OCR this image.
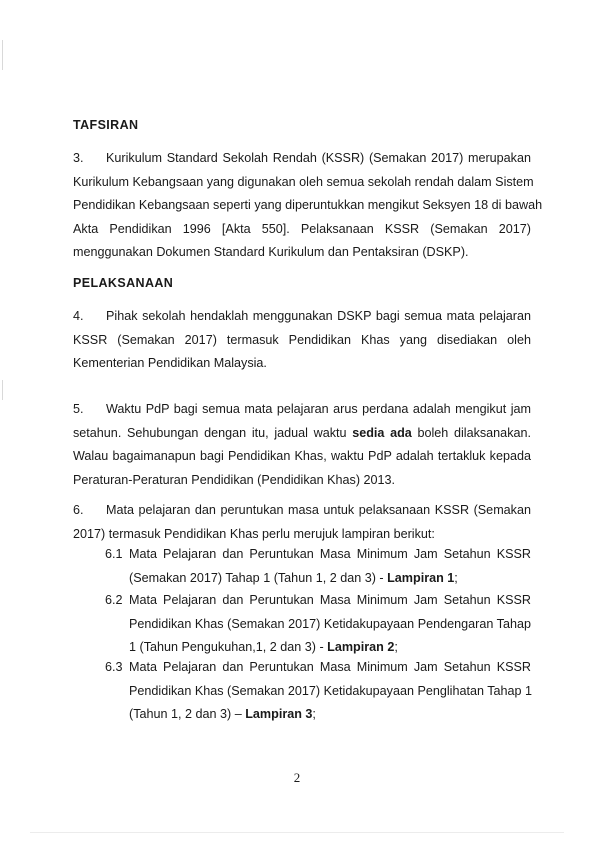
TAFSIRAN
3. Kurikulum Standard Sekolah Rendah (KSSR) (Semakan 2017) merupakan
Kurikulum Kebangsaan yang digunakan oleh semua sekolah rendah dalam Sistem
Pendidikan Kebangsaan seperti yang diperuntukkan mengikut Seksyen 18 di bawah
Akta Pendidikan 1996 [Akta 550]. Pelaksanaan KSSR (Semakan 2017)
menggunakan Dokumen Standard Kurikulum dan Pentaksiran (DSKP).
PELAKSANAAN
4. Pihak sekolah hendaklah menggunakan DSKP bagi semua mata pelajaran
KSSR (Semakan 2017) termasuk Pendidikan Khas yang disediakan oleh
Kementerian Pendidikan Malaysia.
5. Waktu PdP bagi semua mata pelajaran arus perdana adalah mengikut jam
setahun. Sehubungan dengan itu, jadual waktu sedia ada boleh dilaksanakan.
Walau bagaimanapun bagi Pendidikan Khas, waktu PdP adalah tertakluk kepada
Peraturan-Peraturan Pendidikan (Pendidikan Khas) 2013.
6. Mata pelajaran dan peruntukan masa untuk pelaksanaan KSSR (Semakan
2017) termasuk Pendidikan Khas perlu merujuk lampiran berikut:
6.1 Mata Pelajaran dan Peruntukan Masa Minimum Jam Setahun KSSR
(Semakan 2017) Tahap 1 (Tahun 1, 2 dan 3) - Lampiran 1;
6.2 Mata Pelajaran dan Peruntukan Masa Minimum Jam Setahun KSSR
Pendidikan Khas (Semakan 2017) Ketidakupayaan Pendengaran Tahap
1 (Tahun Pengukuhan,1, 2 dan 3) - Lampiran 2;
6.3 Mata Pelajaran dan Peruntukan Masa Minimum Jam Setahun KSSR
Pendidikan Khas (Semakan 2017) Ketidakupayaan Penglihatan Tahap 1
(Tahun 1, 2 dan 3) – Lampiran 3;
2
